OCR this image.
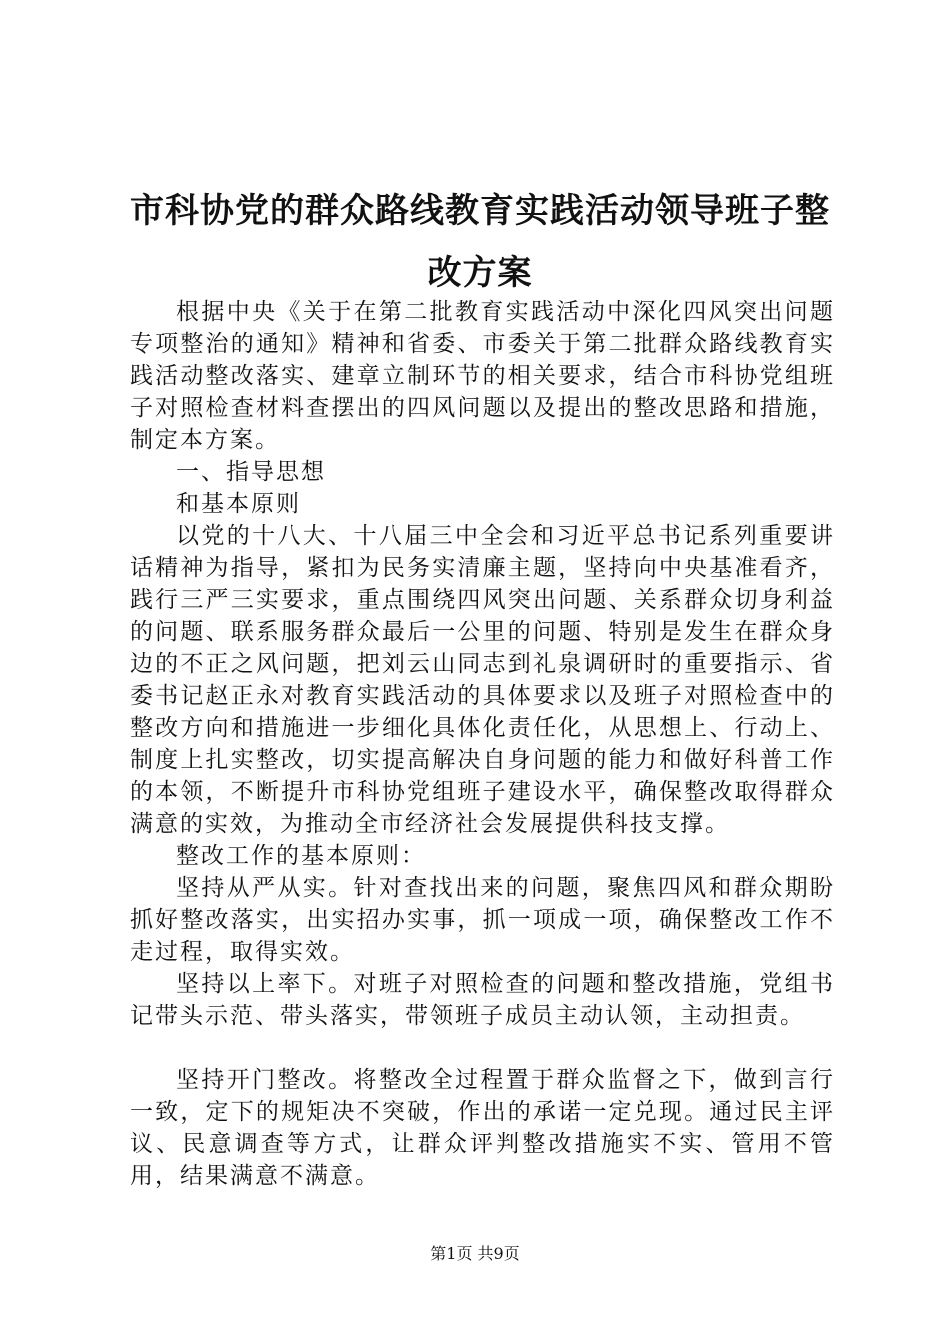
市科协党的群众路线教育实践活动领导班子整改方案

根据中央《关于在第二批教育实践活动中深化四风突出问题专项整治的通知》精神和省委、市委关于第二批群众路线教育实践活动整改落实、建章立制环节的相关要求，结合市科协党组班子对照检查材料查摆出的四风问题以及提出的整改思路和措施，制定本方案。

一、指导思想

和基本原则

以党的十八大、十八届三中全会和习近平总书记系列重要讲话精神为指导，紧扣为民务实清廉主题，坚持向中央基准看齐，践行三严三实要求，重点围绕四风突出问题、关系群众切身利益的问题、联系服务群众最后一公里的问题、特别是发生在群众身边的不正之风问题，把刘云山同志到礼泉调研时的重要指示、省委书记赵正永对教育实践活动的具体要求以及班子对照检查中的整改方向和措施进一步细化具体化责任化，从思想上、行动上、制度上扎实整改，切实提高解决自身问题的能力和做好科普工作的本领，不断提升市科协党组班子建设水平，确保整改取得群众满意的实效，为推动全市经济社会发展提供科技支撑。

整改工作的基本原则：

坚持从严从实。针对查找出来的问题，聚焦四风和群众期盼抓好整改落实，出实招办实事，抓一项成一项，确保整改工作不走过程，取得实效。

坚持以上率下。对班子对照检查的问题和整改措施，党组书记带头示范、带头落实，带领班子成员主动认领，主动担责。

坚持开门整改。将整改全过程置于群众监督之下，做到言行一致，定下的规矩决不突破，作出的承诺一定兑现。通过民主评议、民意调查等方式，让群众评判整改措施实不实、管用不管用，结果满意不满意。

第1页 共9页
